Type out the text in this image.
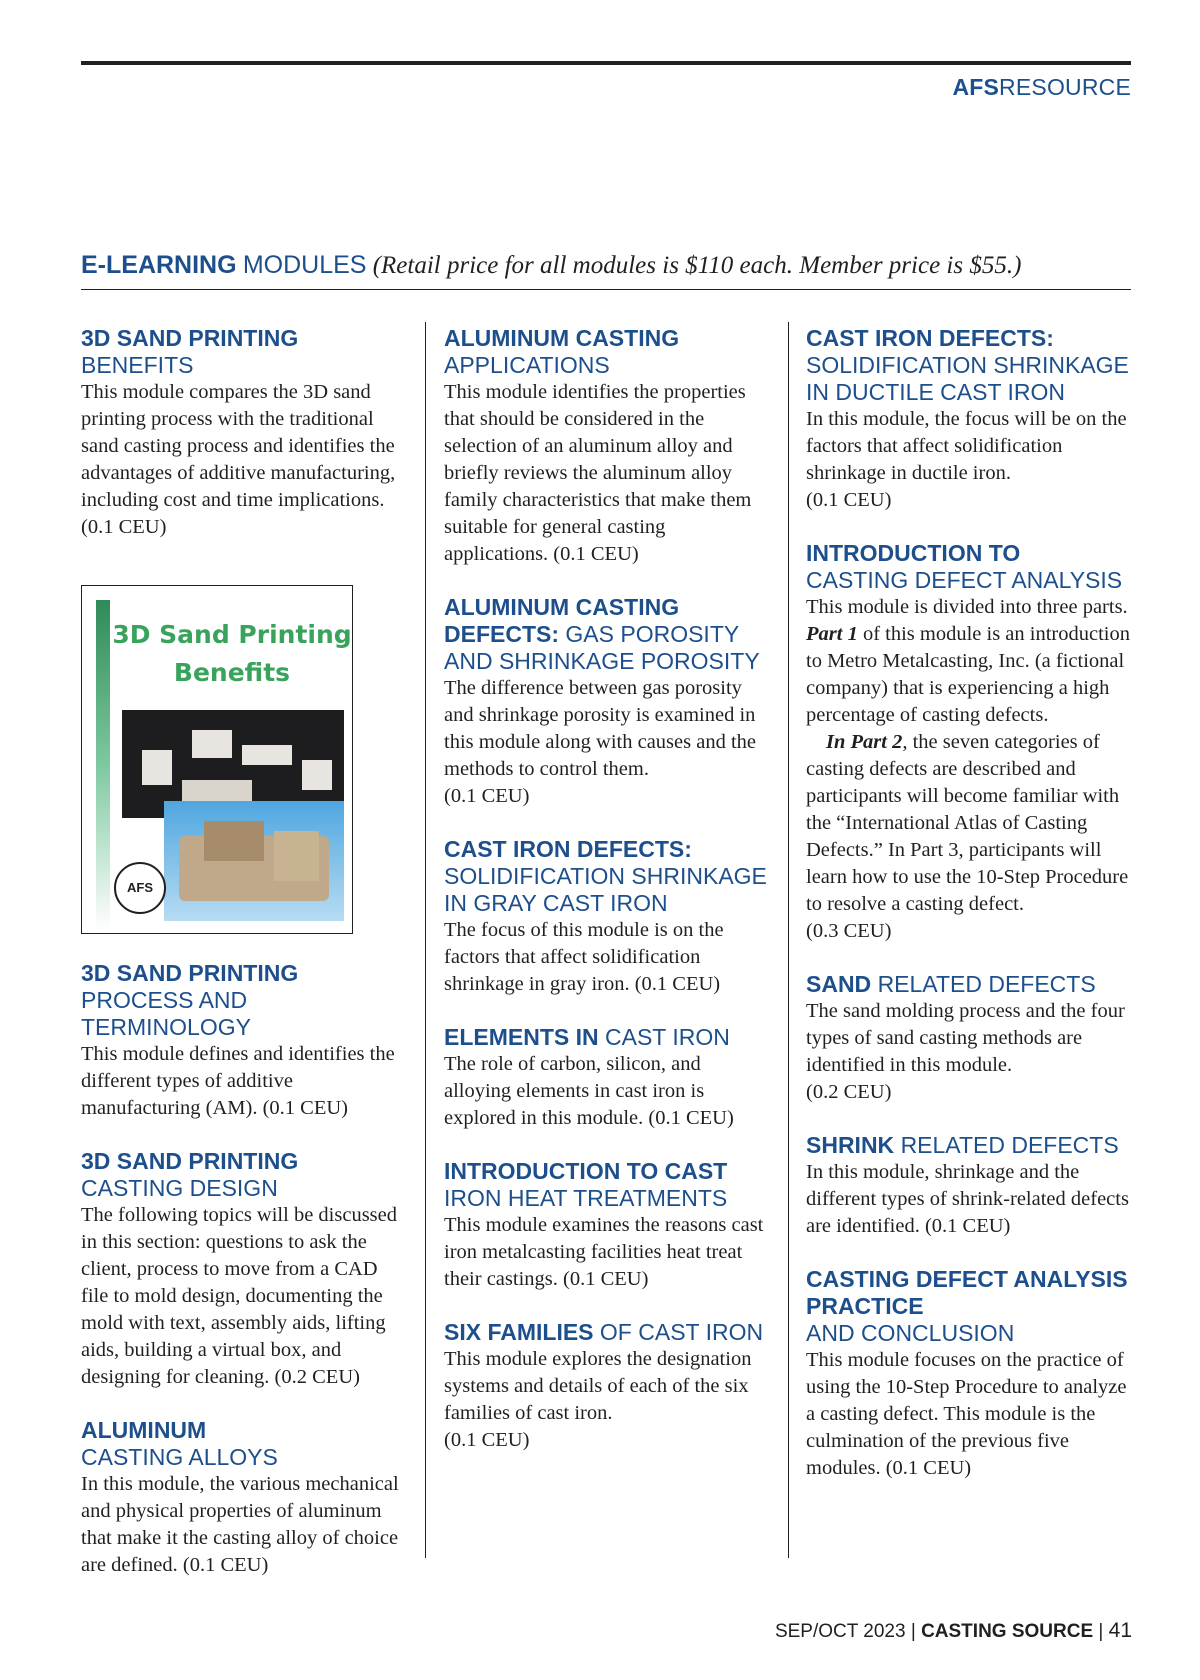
AFSRESOURCE
E-LEARNING MODULES (Retail price for all modules is $110 each. Member price is $55.)
3D SAND PRINTING BENEFITS
This module compares the 3D sand printing process with the traditional sand casting process and identifies the advantages of additive manufacturing, including cost and time implications. (0.1 CEU)
3D Sand Printing
Benefits
AFS
3D SAND PRINTING
PROCESS AND TERMINOLOGY
This module defines and identifies the different types of additive manufacturing (AM). (0.1 CEU)
3D SAND PRINTING
CASTING DESIGN
The following topics will be discussed in this section: questions to ask the client, process to move from a CAD file to mold design, documenting the mold with text, assembly aids, lifting aids, building a virtual box, and designing for cleaning. (0.2 CEU)
ALUMINUM
CASTING ALLOYS
In this module, the various mechanical and physical properties of aluminum that make it the casting alloy of choice are defined. (0.1 CEU)
ALUMINUM CASTING
APPLICATIONS
This module identifies the properties that should be considered in the selection of an aluminum alloy and briefly reviews the aluminum alloy family characteristics that make them suitable for general casting applications. (0.1 CEU)
ALUMINUM CASTING DEFECTS: GAS POROSITY AND SHRINKAGE POROSITY

The difference between gas porosity and shrinkage porosity is examined in this module along with causes and the methods to control them.

(0.1 CEU)

CAST IRON DEFECTS:
SOLIDIFICATION SHRINKAGE IN GRAY CAST IRON
The focus of this module is on the factors that affect solidification shrinkage in gray iron. (0.1 CEU)
ELEMENTS IN CAST IRON
The role of carbon, silicon, and alloying elements in cast iron is explored in this module. (0.1 CEU)
INTRODUCTION TO CAST
IRON HEAT TREATMENTS
This module examines the reasons cast iron metalcasting facilities heat treat their castings. (0.1 CEU)
SIX FAMILIES OF CAST IRON

This module explores the designation systems and details of each of the six families of cast iron.

(0.1 CEU)

CAST IRON DEFECTS:
SOLIDIFICATION SHRINKAGE IN DUCTILE CAST IRON

In this module, the focus will be on the factors that affect solidification shrinkage in ductile iron.

(0.1 CEU)

INTRODUCTION TO
CASTING DEFECT ANALYSIS

This module is divided into three parts. Part 1 of this module is an introduction to Metro Metalcasting, Inc. (a fictional company) that is experiencing a high percentage of casting defects.

In Part 2, the seven categories of casting defects are described and participants will become familiar with the “International Atlas of Casting Defects.” In Part 3, participants will learn how to use the 10-Step Procedure to resolve a casting defect.

(0.3 CEU)

SAND RELATED DEFECTS

The sand molding process and the four types of sand casting methods are identified in this module.

(0.2 CEU)

SHRINK RELATED DEFECTS
In this module, shrinkage and the different types of shrink-related defects are identified. (0.1 CEU)
CASTING DEFECT ANALYSIS PRACTICE
AND CONCLUSION
This module focuses on the practice of using the 10-Step Procedure to analyze a casting defect. This module is the culmination of the previous five modules. (0.1 CEU)
SEP/OCT 2023 | CASTING SOURCE | 41
